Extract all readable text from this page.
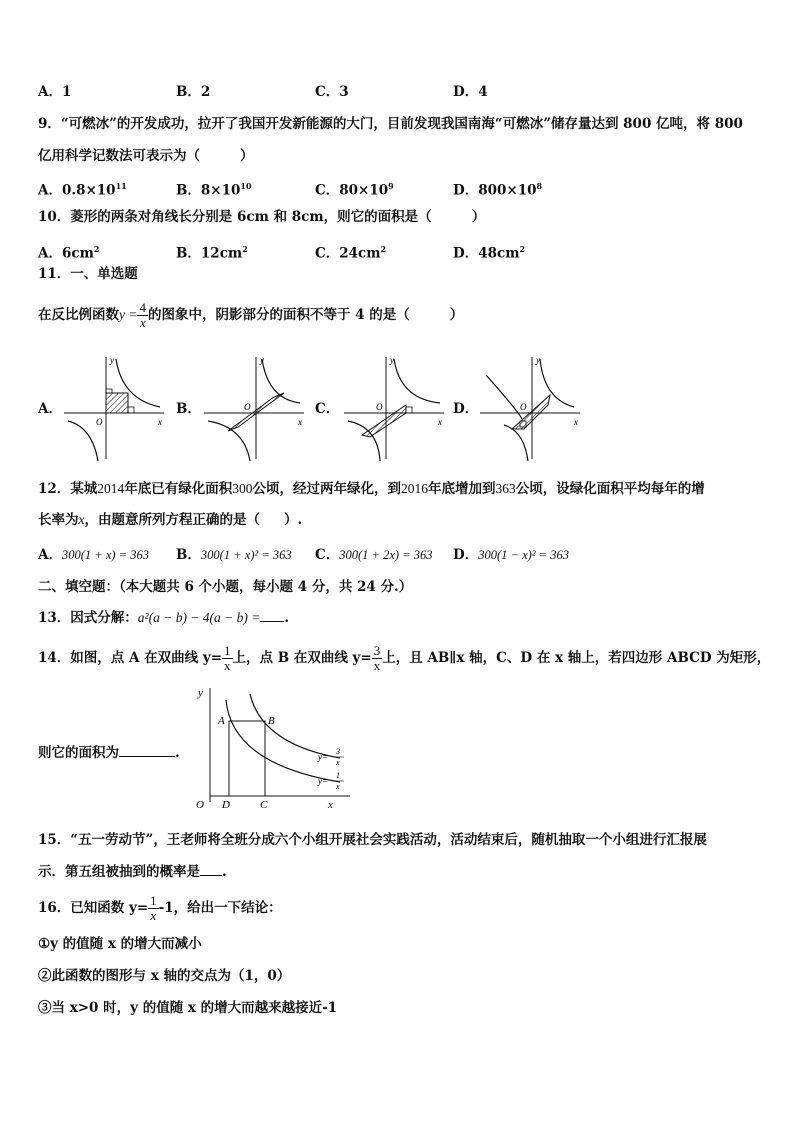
A．1	B．2	C．3	D．4
9．“可燃冰”的开发成功，拉开了我国开发新能源的大门，目前发现我国南海“可燃冰”储存量达到 800 亿吨，将 800
亿用科学记数法可表示为（	）
A．$0.8\times 10^{11}$	B．$8\times 10^{10}$	C．$80\times 10^9$	D．$800\times 10^8$
10．菱形的两条对角线长分别是 6cm 和 8cm，则它的面积是（	）
A．$6cm^2$	B．$12cm^2$	C．$24cm^2$	D．$48cm^2$
11．一、单选题
在反比例函数$y = \frac{4}{x}$ 的图象中，阴影部分的面积不等于 4 的是（	）
A．	B．	C．	D．
y
x
O
y
x
O
y
x
O
y
x
O
12．某城2014年底已有绿化面积300公顷，经过两年绿化，到2016年底增加到363公顷，设绿化面积平均每年的增
长率为x，由题意所列方程正确的是（ ）.
A．300(1 + x) = 363 B．300(1 + x)² = 363 C．300(1 + 2x) = 363 D．300(1 − x)² = 363
二、填空题：（本大题共 6 个小题，每小题 4 分，共 24 分.）
13．因式分解：a²(a − b) − 4(a − b) = .
14．如图，点 A 在双曲线 $y= \frac{1}{x}$ 上，点 B 在双曲线 $y= \frac{3}{x}$ 上，且 AB∥x 轴，C、D 在 x 轴上，若四边形 ABCD 为矩形，
则它的面积为	.
y
x
O
A	B
D	C
y=
3
x
y=
1
x
15．“五一劳动节”，王老师将全班分成六个小组开展社会实践活动，活动结束后，随机抽取一个小组进行汇报展
示．第五组被抽到的概率是 .
16．已知函数 $y= \frac{1}{x} -1$，给出一下结论：
①y 的值随 x 的增大而减小
②此函数的图形与 x 轴的交点为（1，0）
③当 x>0 时，y 的值随 x 的增大而越来越接近-1
